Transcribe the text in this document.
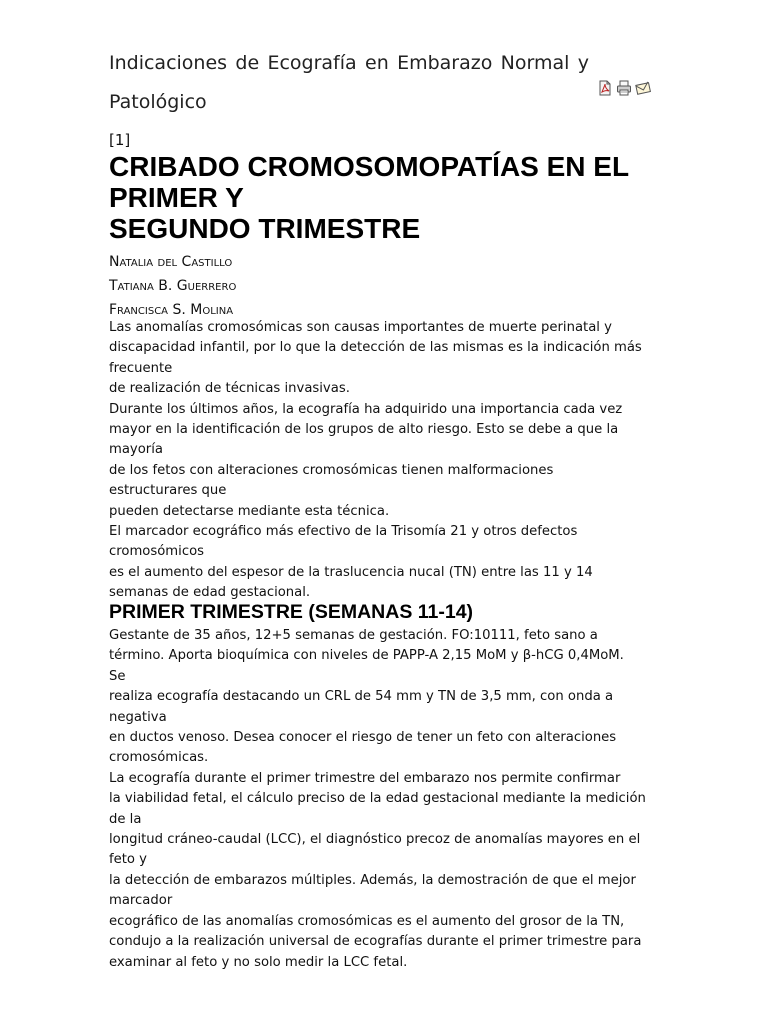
Indicaciones de Ecografía en Embarazo Normal y
Patológico
[1]
CRIBADO CROMOSOMOPATÍAS EN EL
PRIMER Y
SEGUNDO TRIMESTRE
Natalia del Castillo
Tatiana B. Guerrero
Francisca S. Molina
Las anomalías cromosómicas son causas importantes de muerte perinatal y
discapacidad infantil, por lo que la detección de las mismas es la indicación más
frecuente
de realización de técnicas invasivas.
Durante los últimos años, la ecografía ha adquirido una importancia cada vez
mayor en la identificación de los grupos de alto riesgo. Esto se debe a que la
mayoría
de los fetos con alteraciones cromosómicas tienen malformaciones
estructurares que
pueden detectarse mediante esta técnica.
El marcador ecográfico más efectivo de la Trisomía 21 y otros defectos
cromosómicos
es el aumento del espesor de la traslucencia nucal (TN) entre las 11 y 14
semanas de edad gestacional.
PRIMER TRIMESTRE (SEMANAS 11-14)
Gestante de 35 años, 12+5 semanas de gestación. FO:10111, feto sano a
término. Aporta bioquímica con niveles de PAPP-A 2,15 MoM y β-hCG 0,4MoM.
Se
realiza ecografía destacando un CRL de 54 mm y TN de 3,5 mm, con onda a
negativa
en ductos venoso. Desea conocer el riesgo de tener un feto con alteraciones
cromosómicas.
La ecografía durante el primer trimestre del embarazo nos permite confirmar
la viabilidad fetal, el cálculo preciso de la edad gestacional mediante la medición
de la
longitud cráneo-caudal (LCC), el diagnóstico precoz de anomalías mayores en el
feto y
la detección de embarazos múltiples. Además, la demostración de que el mejor
marcador
ecográfico de las anomalías cromosómicas es el aumento del grosor de la TN,
condujo a la realización universal de ecografías durante el primer trimestre para
examinar al feto y no solo medir la LCC fetal.
